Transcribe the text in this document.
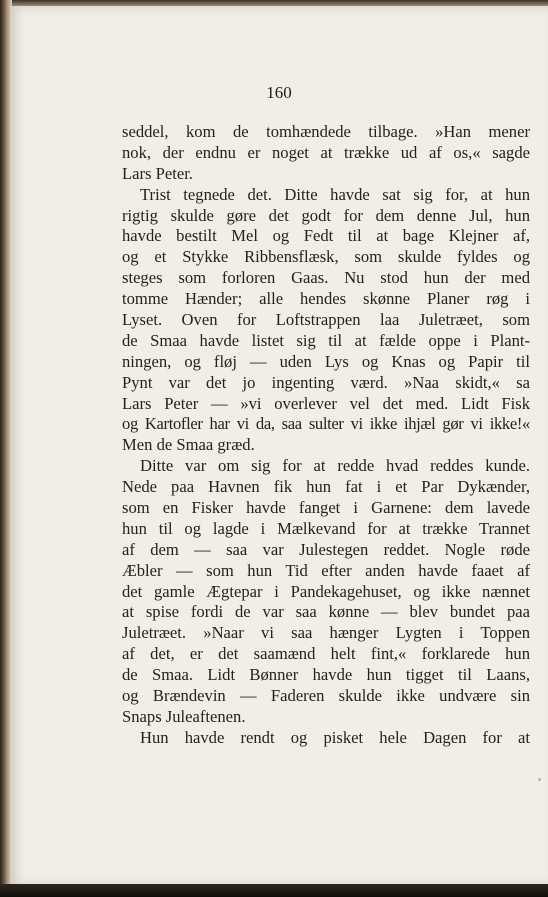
160
seddel, kom de tomhændede tilbage. »Han mener
nok, der endnu er noget at trække ud af os,« sagde
Lars Peter.
Trist tegnede det. Ditte havde sat sig for, at hun
rigtig skulde gøre det godt for dem denne Jul, hun
havde bestilt Mel og Fedt til at bage Klejner af,
og et Stykke Ribbensflæsk, som skulde fyldes og
steges som forloren Gaas. Nu stod hun der med
tomme Hænder; alle hendes skønne Planer røg i
Lyset. Oven for Loftstrappen laa Juletræet, som
de Smaa havde listet sig til at fælde oppe i Plant-
ningen, og fløj — uden Lys og Knas og Papir til
Pynt var det jo ingenting værd. »Naa skidt,« sa
Lars Peter — »vi overlever vel det med. Lidt Fisk
og Kartofler har vi da, saa sulter vi ikke ihjæl gør vi ikke!«
Men de Smaa græd.
Ditte var om sig for at redde hvad reddes kunde.
Nede paa Havnen fik hun fat i et Par Dykænder,
som en Fisker havde fanget i Garnene: dem lavede
hun til og lagde i Mælkevand for at trække Trannet
af dem — saa var Julestegen reddet. Nogle røde
Æbler — som hun Tid efter anden havde faaet af
det gamle Ægtepar i Pandekagehuset, og ikke nænnet
at spise fordi de var saa kønne — blev bundet paa
Juletræet. »Naar vi saa hænger Lygten i Toppen
af det, er det saamænd helt fint,« forklarede hun
de Smaa. Lidt Bønner havde hun tigget til Laans,
og Brændevin — Faderen skulde ikke undvære sin
Snaps Juleaftenen.
Hun havde rendt og pisket hele Dagen for at
